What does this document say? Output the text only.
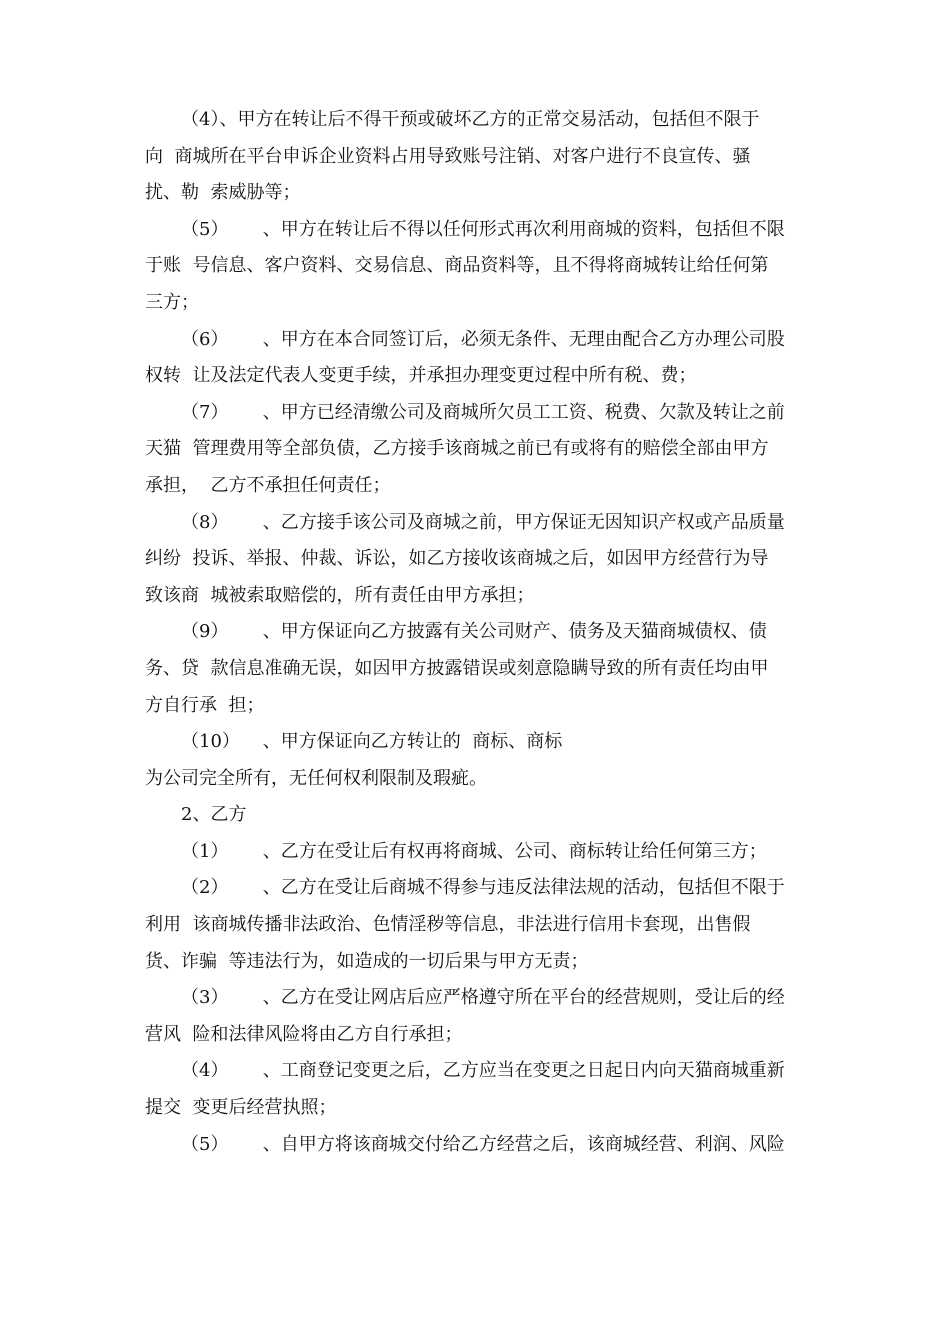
（4）、甲方在转让后不得干预或破坏乙方的正常交易活动，包括但不限于
向  商城所在平台申诉企业资料占用导致账号注销、对客户进行不良宣传、骚
扰、勒  索威胁等；
（5）      、甲方在转让后不得以任何形式再次利用商城的资料，包括但不限
于账  号信息、客户资料、交易信息、商品资料等，且不得将商城转让给任何第
三方；
（6）      、甲方在本合同签订后，必须无条件、无理由配合乙方办理公司股
权转  让及法定代表人变更手续，并承担办理变更过程中所有税、费；
（7）      、甲方已经清缴公司及商城所欠员工工资、税费、欠款及转让之前
天猫  管理费用等全部负债，乙方接手该商城之前已有或将有的赔偿全部由甲方
承担，  乙方不承担任何责任；
（8）      、乙方接手该公司及商城之前，甲方保证无因知识产权或产品质量
纠纷  投诉、举报、仲裁、诉讼，如乙方接收该商城之后，如因甲方经营行为导
致该商  城被索取赔偿的，所有责任由甲方承担；
（9）      、甲方保证向乙方披露有关公司财产、债务及天猫商城债权、债
务、贷  款信息准确无误，如因甲方披露错误或刻意隐瞒导致的所有责任均由甲
方自行承  担；
（10）    、甲方保证向乙方转让的  商标、商标
为公司完全所有，无任何权利限制及瑕疵。
2、乙方
（1）      、乙方在受让后有权再将商城、公司、商标转让给任何第三方；
（2）      、乙方在受让后商城不得参与违反法律法规的活动，包括但不限于
利用  该商城传播非法政治、色情淫秽等信息，非法进行信用卡套现，出售假
货、诈骗  等违法行为，如造成的一切后果与甲方无责；
（3）      、乙方在受让网店后应严格遵守所在平台的经营规则，受让后的经
营风  险和法律风险将由乙方自行承担；
（4）      、工商登记变更之后，乙方应当在变更之日起日内向天猫商城重新
提交  变更后经营执照；
（5）      、自甲方将该商城交付给乙方经营之后，该商城经营、利润、风险
